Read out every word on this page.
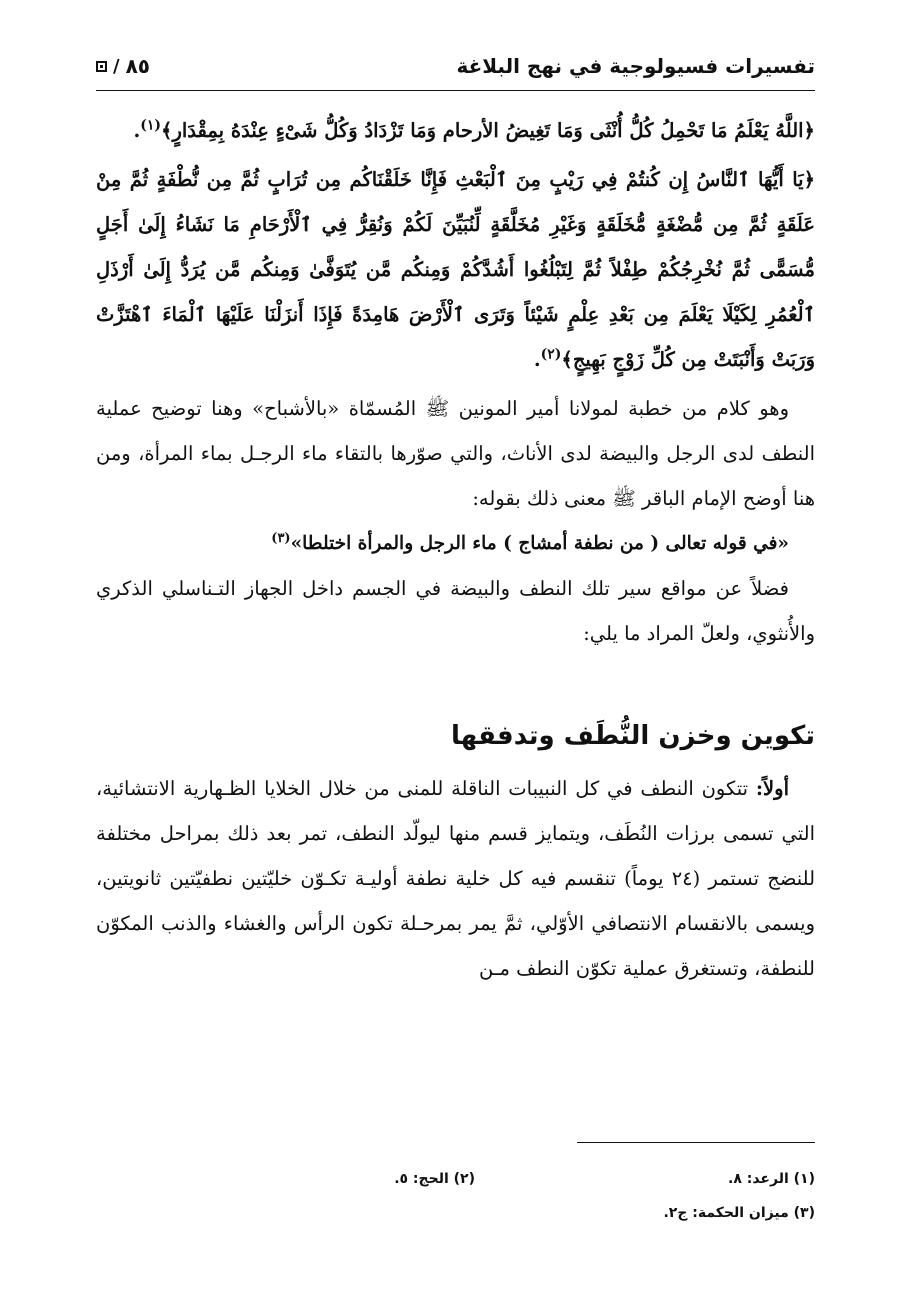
تفسيرات فسيولوجية في نهج البلاغة
٨٥
/

﴿اللَّهُ يَعْلَمُ مَا تَحْمِلُ كُلُّ أُنْثَى وَمَا تَغِيضُ الأرحام وَمَا تَزْدَادُ وَكُلُّ شَىْءٍ عِنْدَهُ بِمِقْدَارٍ﴾$^{(١)}$.

﴿يَا أَيُّهَا ٱلنَّاسُ إِن كُنتُمْ فِي رَيْبٍ مِنَ ٱلْبَعْثِ فَإِنَّا خَلَقْنَاكُم مِن تُرَابٍ ثُمَّ مِن نُّطْفَةٍ ثُمَّ مِنْ عَلَقَةٍ ثُمَّ مِن مُّضْغَةٍ مُّخَلَقَةٍ وَغَيْرِ مُخَلَّقَةٍ لِّنُبَيِّنَ لَكُمْ وَنُقِرُّ فِي ٱلْأَرْحَامِ مَا نَشَاءُ إِلَىٰ أَجَلٍ مُّسَمًّى ثُمَّ نُخْرِجُكُمْ طِفْلاً ثُمَّ لِتَبْلُغُوا أَشُدَّكُمْ وَمِنكُم مَّن يُتَوَفَّىٰ وَمِنكُم مَّن يُرَدُّ إِلَىٰ أَرْذَلِ ٱلْعُمُرِ لِكَيْلَا يَعْلَمَ مِن بَعْدِ عِلْمٍ شَيْئاً وَتَرَى ٱلْأَرْضَ هَامِدَةً فَإِذَا أَنزَلْنَا عَلَيْهَا ٱلْمَاءَ ٱهْتَزَّتْ وَرَبَتْ وَأَنْبَتَتْ مِن كُلِّ زَوْجٍ بَهِيجٍ﴾$^{(٢)}$.

وهو كلام من خطبة لمولانا أمير المونين ﷺ المُسمّاة «بالأشباح» وهنا توضيح عملية النطف لدى الرجل والبيضة لدى الأناث، والتي صوّرها بالتقاء ماء الرجـل بماء المرأة، ومن هنا أوضح الإمام الباقر ﷺ معنى ذلك بقوله:

«في قوله تعالى ( من نطفة أمشاج ) ماء الرجل والمرأة اختلطا»$^{(٣)}$

فضلاً عن مواقع سير تلك النطف والبيضة في الجسم داخل الجهاز التـناسلي الذكري والأُنثوي، ولعلّ المراد ما يلي:

تكوين وخزن النُّطَف وتدفقها

أولاً: تتكون النطف في كل النبيبات الناقلة للمنى من خلال الخلايا الظـهارية الانتشائية، التي تسمى برزات النُطَف، ويتمايز قسم منها ليولّد النطف، تمر بعد ذلك بمراحل مختلفة للنضج تستمر (٢٤ يوماً) تنقسم فيه كل خلية نطفة أوليـة تكـوّن خليّتين نطفيّتين ثانويتين، ويسمى بالانقسام الانتصافي الأوّلي، ثمَّ يمر بمرحـلة تكون الرأس والغشاء والذنب المكوّن للنطفة، وتستغرق عملية تكوّن النطف مـن

(١) الرعد: ٨.
(٢) الحج: ٥.
(٣) ميزان الحكمة: ج٢.
